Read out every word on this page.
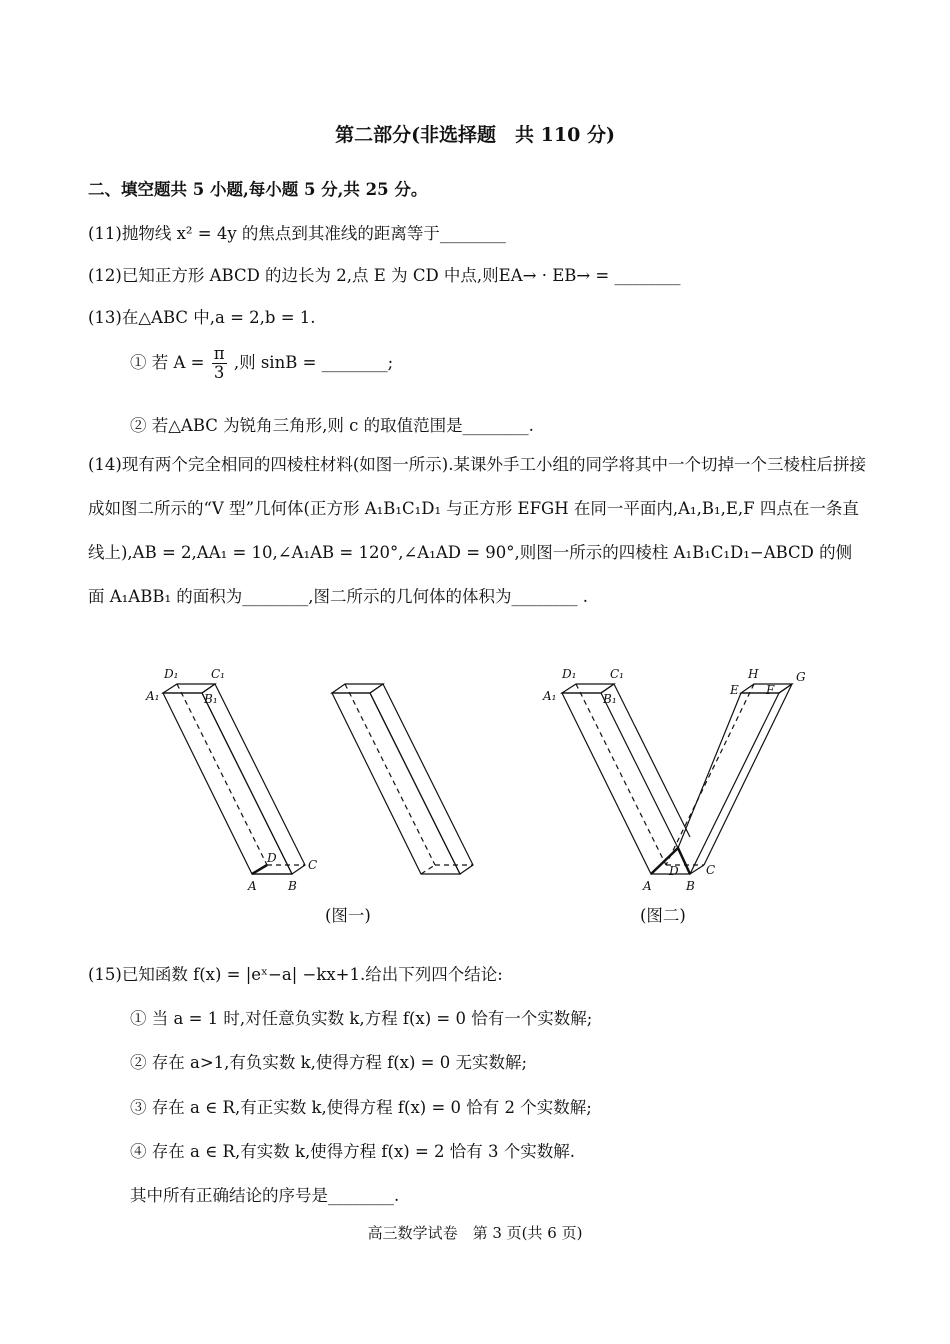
第二部分(非选择题　共 110 分)
二、填空题共 5 小题,每小题 5 分,共 25 分。
(11)抛物线 x² = 4y 的焦点到其准线的距离等于________
(12)已知正方形 ABCD 的边长为 2,点 E 为 CD 中点,则EA→ · EB→ = ________
(13)在△ABC 中,a = 2,b = 1.
① 若 $A = \frac{\pi}{3}$ ,则 sinB = ________;
② 若△ABC 为锐角三角形,则 c 的取值范围是________.
(14)现有两个完全相同的四棱柱材料(如图一所示).某课外手工小组的同学将其中一个切掉一个三棱柱后拼接成如图二所示的“V 型”几何体(正方形 A₁B₁C₁D₁ 与正方形 EFGH 在同一平面内,A₁,B₁,E,F 四点在一条直线上),AB = 2,AA₁ = 10,∠A₁AB = 120°,∠A₁AD = 90°,则图一所示的四棱柱 A₁B₁C₁D₁−ABCD 的侧面 A₁ABB₁ 的面积为________,图二所示的几何体的体积为________ .
D₁	C₁
A₁	B₁
D	C
A	B
(图一)
D₁	C₁
A₁	B₁
H	G
E F
D C
A	B
(图二)
(15)已知函数 f(x) = |eˣ−a| −kx+1.给出下列四个结论:
① 当 a = 1 时,对任意负实数 k,方程 f(x) = 0 恰有一个实数解;
② 存在 a>1,有负实数 k,使得方程 f(x) = 0 无实数解;
③ 存在 a ∈ R,有正实数 k,使得方程 f(x) = 0 恰有 2 个实数解;
④ 存在 a ∈ R,有实数 k,使得方程 f(x) = 2 恰有 3 个实数解.
其中所有正确结论的序号是________.
高三数学试卷　第 3 页(共 6 页)
